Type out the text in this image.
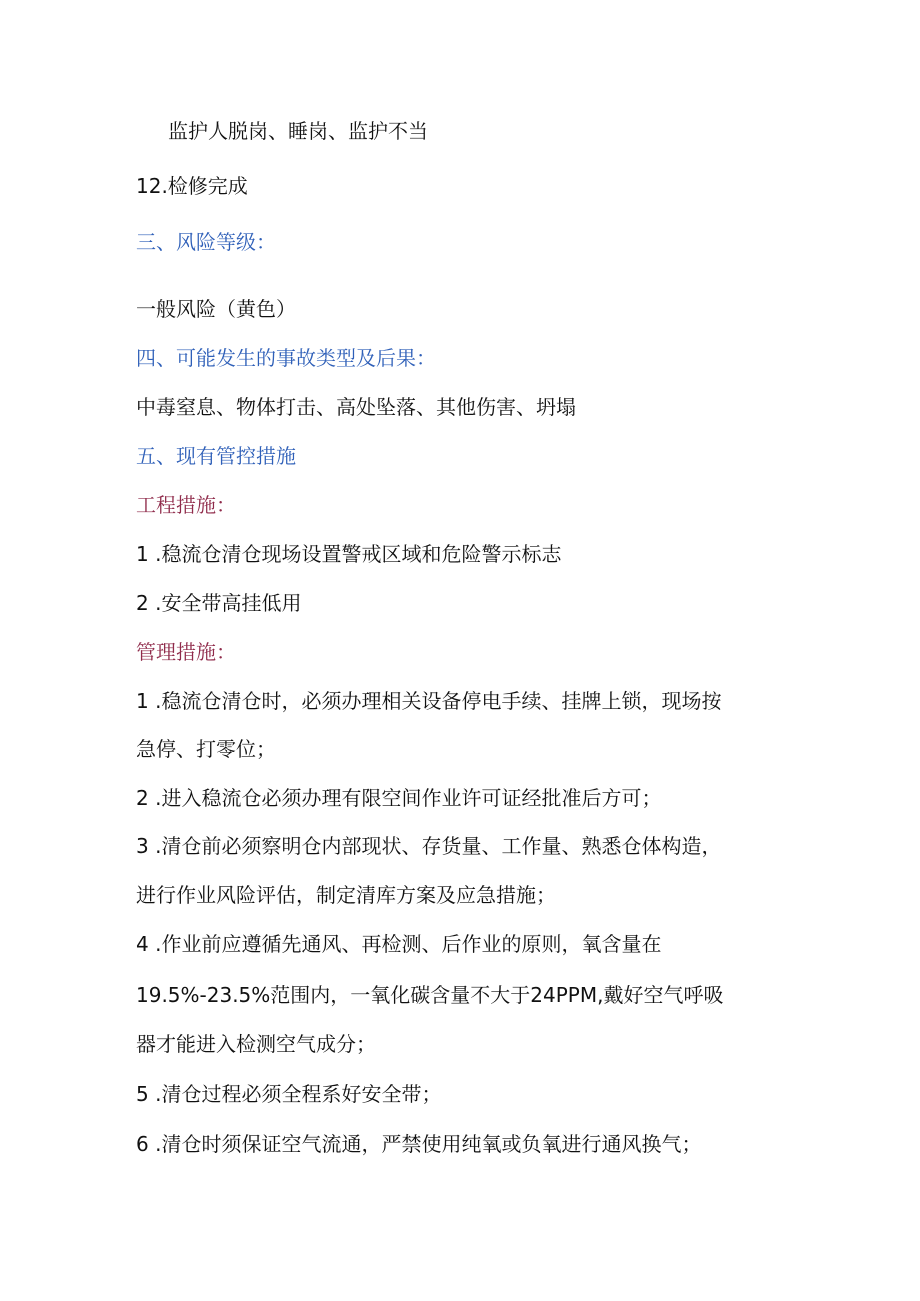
监护人脱岗、睡岗、监护不当
12.检修完成
三、风险等级：
一般风险（黄色）
四、可能发生的事故类型及后果：
中毒窒息、物体打击、高处坠落、其他伤害、坍塌
五、现有管控措施
工程措施：
1 .稳流仓清仓现场设置警戒区域和危险警示标志
2 .安全带高挂低用
管理措施：
1 .稳流仓清仓时，必须办理相关设备停电手续、挂牌上锁，现场按
急停、打零位；
2 .进入稳流仓必须办理有限空间作业许可证经批准后方可；
3 .清仓前必须察明仓内部现状、存货量、工作量、熟悉仓体构造，
进行作业风险评估，制定清库方案及应急措施；
4 .作业前应遵循先通风、再检测、后作业的原则，氧含量在
19.5%-23.5%范围内，一氧化碳含量不大于24PPM,戴好空气呼吸
器才能进入检测空气成分；
5 .清仓过程必须全程系好安全带；
6 .清仓时须保证空气流通，严禁使用纯氧或负氧进行通风换气；
